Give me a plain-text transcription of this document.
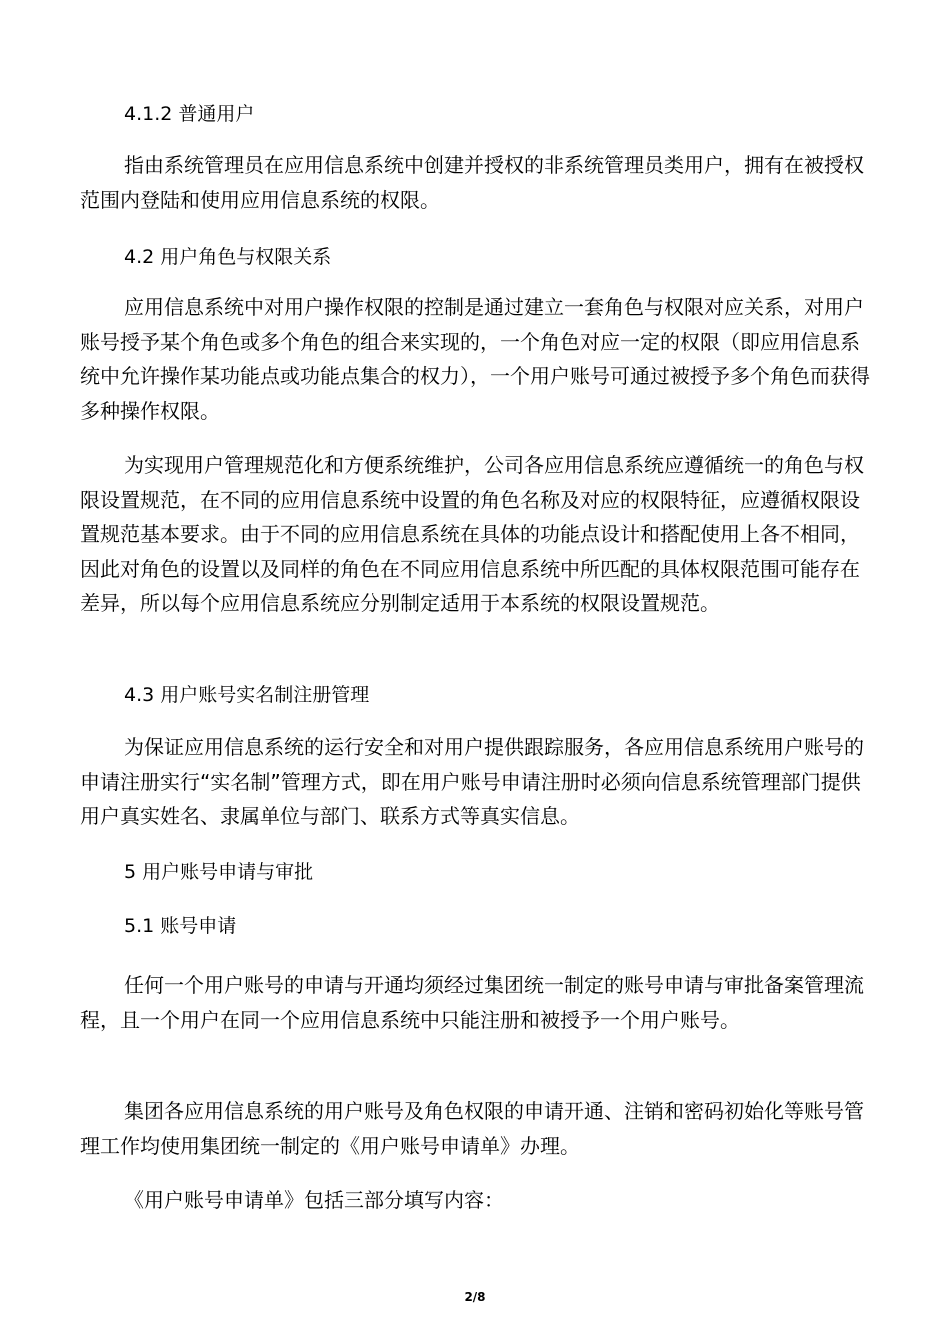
4.1.2 普通用户

指由系统管理员在应用信息系统中创建并授权的非系统管理员类用户，拥有在被授权范围内登陆和使用应用信息系统的权限。

4.2 用户角色与权限关系

应用信息系统中对用户操作权限的控制是通过建立一套角色与权限对应关系，对用户账号授予某个角色或多个角色的组合来实现的，一个角色对应一定的权限（即应用信息系统中允许操作某功能点或功能点集合的权力），一个用户账号可通过被授予多个角色而获得多种操作权限。

为实现用户管理规范化和方便系统维护，公司各应用信息系统应遵循统一的角色与权限设置规范，在不同的应用信息系统中设置的角色名称及对应的权限特征，应遵循权限设置规范基本要求。由于不同的应用信息系统在具体的功能点设计和搭配使用上各不相同，因此对角色的设置以及同样的角色在不同应用信息系统中所匹配的具体权限范围可能存在差异，所以每个应用信息系统应分别制定适用于本系统的权限设置规范。

4.3 用户账号实名制注册管理

为保证应用信息系统的运行安全和对用户提供跟踪服务，各应用信息系统用户账号的申请注册实行“实名制”管理方式，即在用户账号申请注册时必须向信息系统管理部门提供用户真实姓名、隶属单位与部门、联系方式等真实信息。

5 用户账号申请与审批
5.1 账号申请

任何一个用户账号的申请与开通均须经过集团统一制定的账号申请与审批备案管理流程，且一个用户在同一个应用信息系统中只能注册和被授予一个用户账号。

集团各应用信息系统的用户账号及角色权限的申请开通、注销和密码初始化等账号管理工作均使用集团统一制定的《用户账号申请单》办理。

《用户账号申请单》包括三部分填写内容：

2/8
